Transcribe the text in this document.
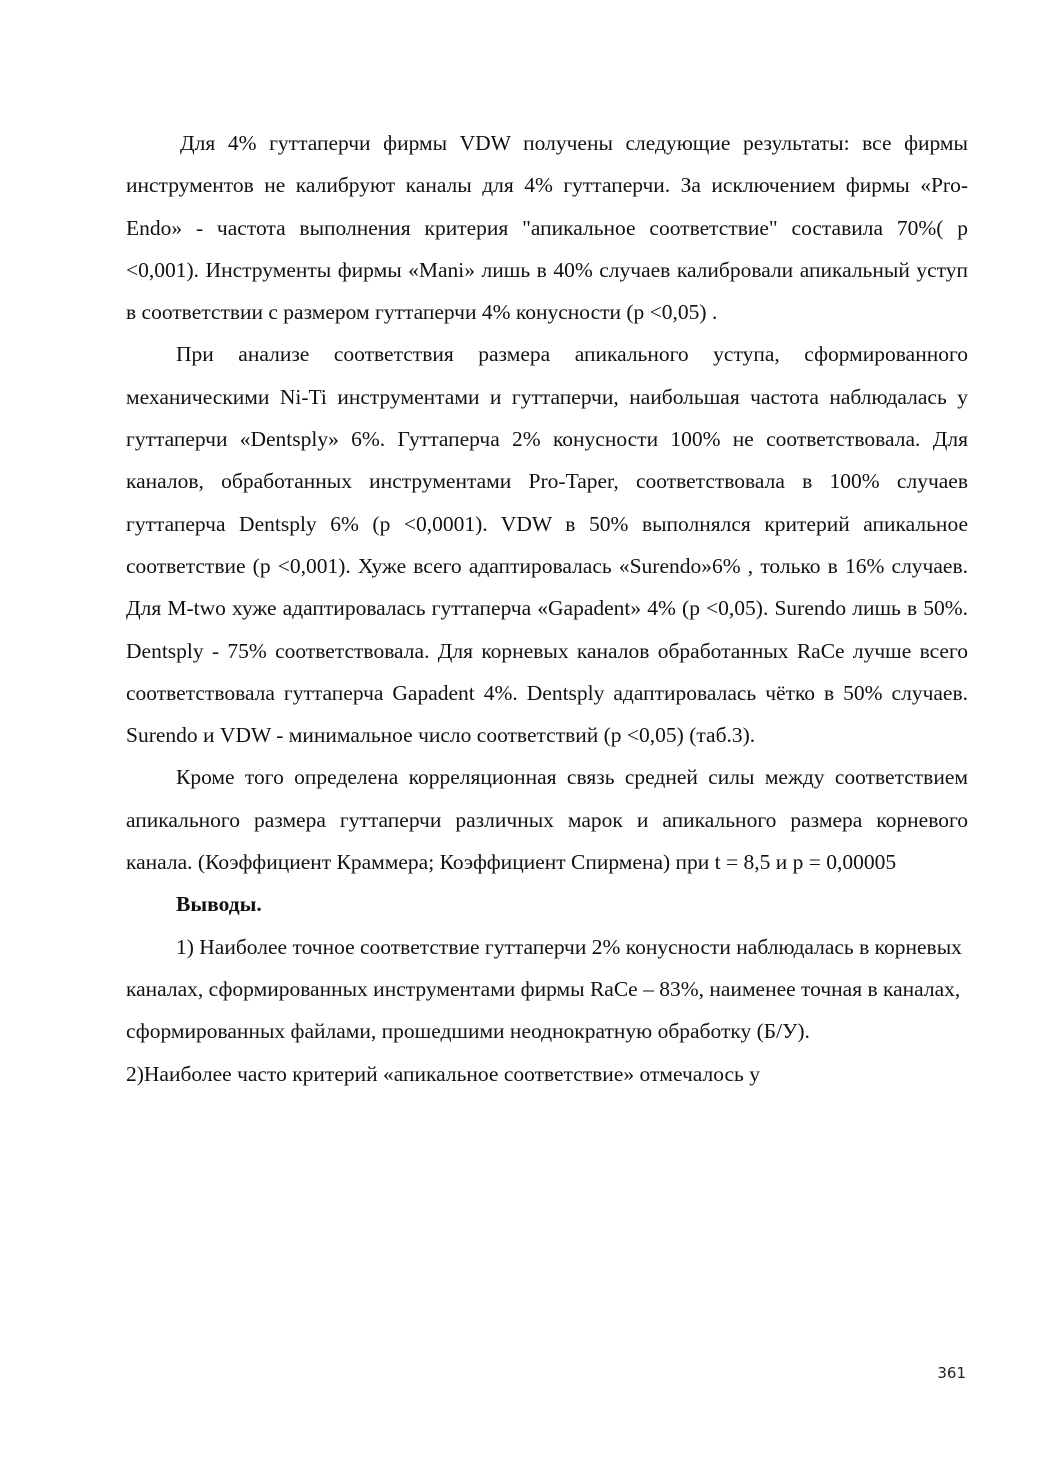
Для 4% гуттаперчи фирмы VDW получены следующие результаты: все фирмы инструментов не калибруют каналы для 4% гуттаперчи. За исключением фирмы «Pro-Endo» - частота выполнения критерия "апикальное соответствие" составила 70%( р <0,001). Инструменты фирмы «Mani» лишь в 40% случаев калибровали апикальный уступ в соответствии с размером гуттаперчи 4% конусности (р <0,05) .

При анализе соответствия размера апикального уступа, сформированного механическими Ni-Ti инструментами и гуттаперчи, наибольшая частота наблюдалась у гуттаперчи «Dentsply» 6%. Гуттаперча 2% конусности 100% не соответствовала. Для каналов, обработанных инструментами Pro-Taper, соответствовала в 100% случаев гуттаперча Dentsply 6% (р <0,0001). VDW в 50% выполнялся критерий апикальное соответствие (р <0,001). Хуже всего адаптировалась «Surendo»6% , только в 16% случаев. Для M-two хуже адаптировалась гуттаперча «Gapadent» 4% (р <0,05). Surendo лишь в 50%. Dentsply - 75% соответствовала. Для корневых каналов обработанных RaCe лучше всего соответствовала гуттаперча Gapadent 4%. Dentsply адаптировалась чётко в 50% случаев. Surendo и VDW - минимальное число соответствий (р <0,05) (таб.3).

Кроме того определена корреляционная связь средней силы между соответствием апикального размера гуттаперчи различных марок и апикального размера корневого канала. (Коэффициент Краммера; Коэффициент Спирмена) при t = 8,5 и p = 0,00005

Выводы.

1) Наиболее точное соответствие гуттаперчи 2% конусности наблюдалась в корневых каналах, сформированных инструментами фирмы RaCe – 83%, наименее точная в каналах, сформированных файлами, прошедшими неоднократную обработку (Б/У).

2)Наиболее часто критерий «апикальное соответствие» отмечалось у

361
